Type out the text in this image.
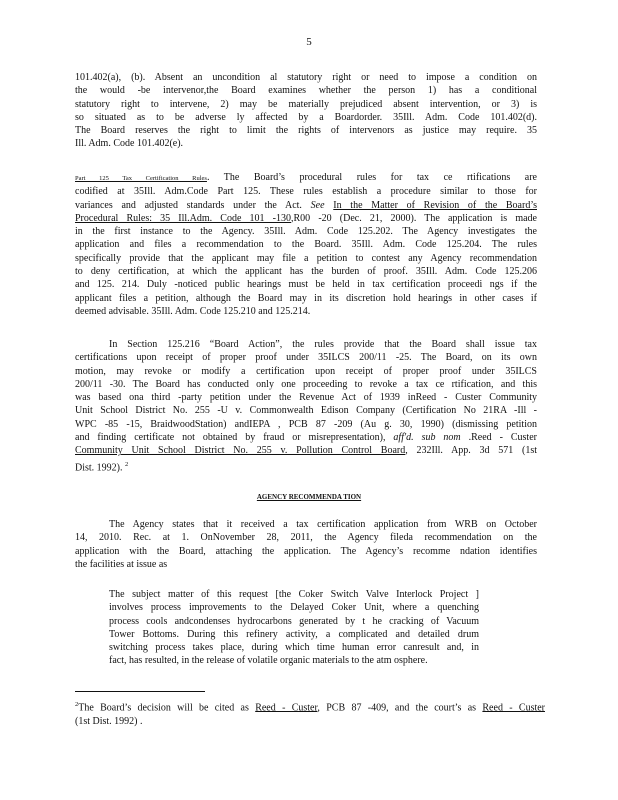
5
101.402(a), (b). Absent an uncondition al statutory right or need to impose a condition on
the would -be intervenor,the Board examines whether the person 1) has a conditional
statutory right to intervene, 2) may be materially prejudiced absent intervention, or 3) is
so situated as to be adverse ly affected by a Boardorder. 35Ill. Adm. Code 101.402(d).
The Board reserves the right to limit the rights of intervenors as justice may require. 35
Ill. Adm. Code 101.402(e).
Part 125 Tax Certification Rules. The Board’s procedural rules for tax ce rtifications are
codified at 35Ill. Adm.Code Part 125. These rules establish a procedure similar to those for
variances and adjusted standards under the Act. See In the Matter of Revision of the Board’s
Procedural Rules: 35 Ill.Adm. Code 101 -130,R00 -20 (Dec. 21, 2000). The application is made
in the first instance to the Agency. 35Ill. Adm. Code 125.202. The Agency investigates the
application and files a recommendation to the Board. 35Ill. Adm. Code 125.204. The rules
specifically provide that the applicant may file a petition to contest any Agency recommendation
to deny certification, at which the applicant has the burden of proof. 35Ill. Adm. Code 125.206
and 125. 214. Duly -noticed public hearings must be held in tax certification proceedi ngs if the
applicant files a petition, although the Board may in its discretion hold hearings in other cases if
deemed advisable. 35Ill. Adm. Code 125.210 and 125.214.
In Section 125.216 “Board Action”, the rules provide that the Board shall issue tax
certifications upon receipt of proper proof under 35ILCS 200/11 -25. The Board, on its own
motion, may revoke or modify a certification upon receipt of proper proof under 35ILCS
200/11 -30. The Board has conducted only one proceeding to revoke a tax ce rtification, and this
was based ona third -party petition under the Revenue Act of 1939 inReed - Custer Community
Unit School District No. 255 -U v. Commonwealth Edison Company (Certification No 21RA -Ill -
WPC -85 -15, BraidwoodStation) andIEPA , PCB 87 -209 (Au g. 30, 1990) (dismissing petition
and finding certificate not obtained by fraud or misrepresentation), aff'd. sub nom .Reed - Custer
Community Unit School District No. 255 v. Pollution Control Board, 232Ill. App. 3d 571 (1st
Dist. 1992). $^2$
AGENCY RECOMMENDA TION
The Agency states that it received a tax certification application from WRB on October
14, 2010. Rec. at 1. OnNovember 28, 2011, the Agency fileda recommendation on the
application with the Board, attaching the application. The Agency’s recomme ndation identifies
the facilities at issue as
The subject matter of this request [the Coker Switch Valve Interlock Project ]
involves process improvements to the Delayed Coker Unit, where a quenching
process cools andcondenses hydrocarbons generated by t he cracking of Vacuum
Tower Bottoms. During this refinery activity, a complicated and detailed drum
switching process takes place, during which time human error canresult and, in
fact, has resulted, in the release of volatile organic materials to the atm osphere.
$^2$The Board’s decision will be cited as Reed - Custer, PCB 87 -409, and the court’s as Reed - Custer
(1st Dist. 1992) .
